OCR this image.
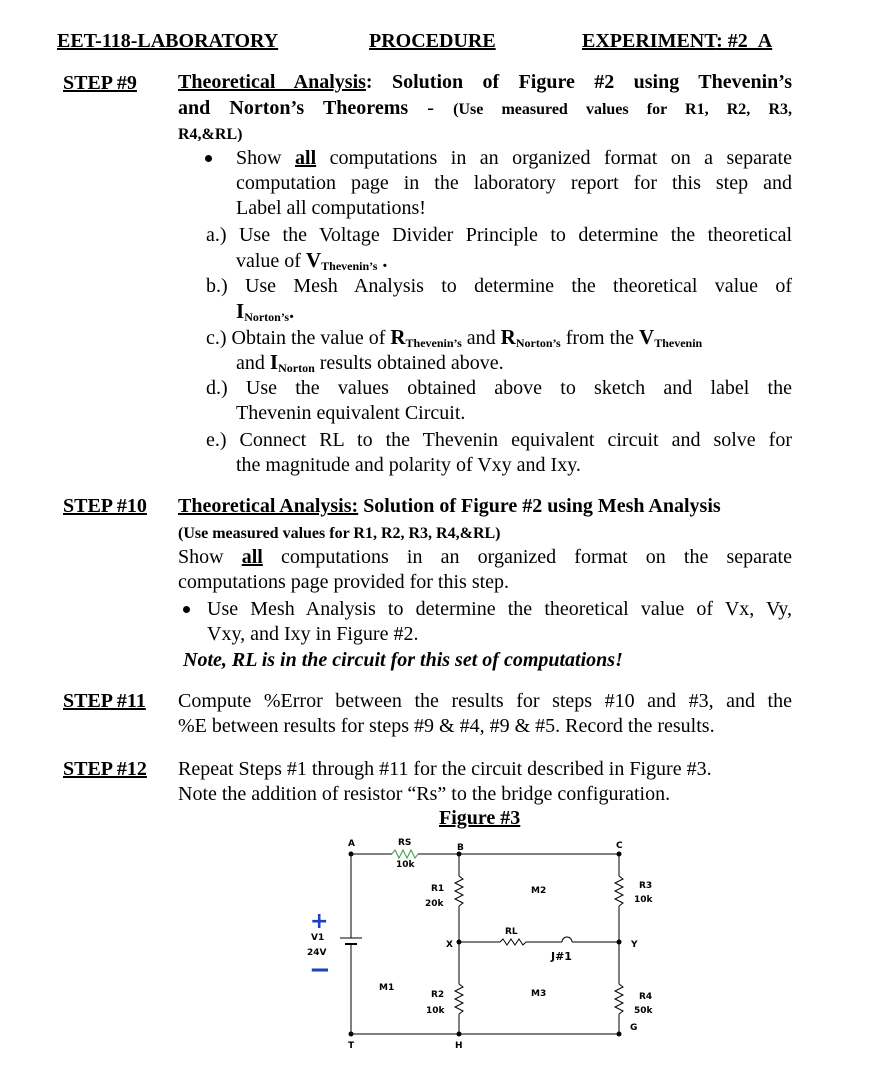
EET-118-LABORATORY	PROCEDURE	EXPERIMENT: #2_A
STEP #9 Theoretical Analysis: Solution of Figure #2 using Thevenin’s
and Norton’s Theorems - (Use measured values for R1, R2, R3,
R4,&RL)
Show all computations in an organized format on a separate
computation page in the laboratory report for this step and
Label all computations!
a.) Use the Voltage Divider Principle to determine the theoretical
value of $V_{Thevenin’s}$ .
b.) Use Mesh Analysis to determine the theoretical value of
$I_{Norton’s}$.
c.) Obtain the value of $R_{Thevenin’s}$ and $R_{Norton’s}$ from the $V_{Thevenin}$
and $I_{Norton}$ results obtained above.
d.) Use the values obtained above to sketch and label the
Thevenin equivalent Circuit.
e.) Connect RL to the Thevenin equivalent circuit and solve for
the magnitude and polarity of Vxy and Ixy.
STEP #10 Theoretical Analysis: Solution of Figure #2 using Mesh Analysis
(Use measured values for R1, R2, R3, R4,&RL)
Show all computations in an organized format on the separate
computations page provided for this step.
Use Mesh Analysis to determine the theoretical value of Vx, Vy,
Vxy, and Ixy in Figure #2.
Note, RL is in the circuit for this set of computations!
STEP #11 Compute %Error between the results for steps #10 and #3, and the
%E between results for steps #9 & #4, #9 & #5. Record the results.
STEP #12 Repeat Steps #1 through #11 for the circuit described in Figure #3.
Note the addition of resistor “Rs” to the bridge configuration.
Figure #3
A	B	C
X	Y
T	H
G
RS
10k
R1
20k
R2
10k
R3
10k
R4
50k
RL
V1
24V
M1
M2
M3
J#1
+
−
